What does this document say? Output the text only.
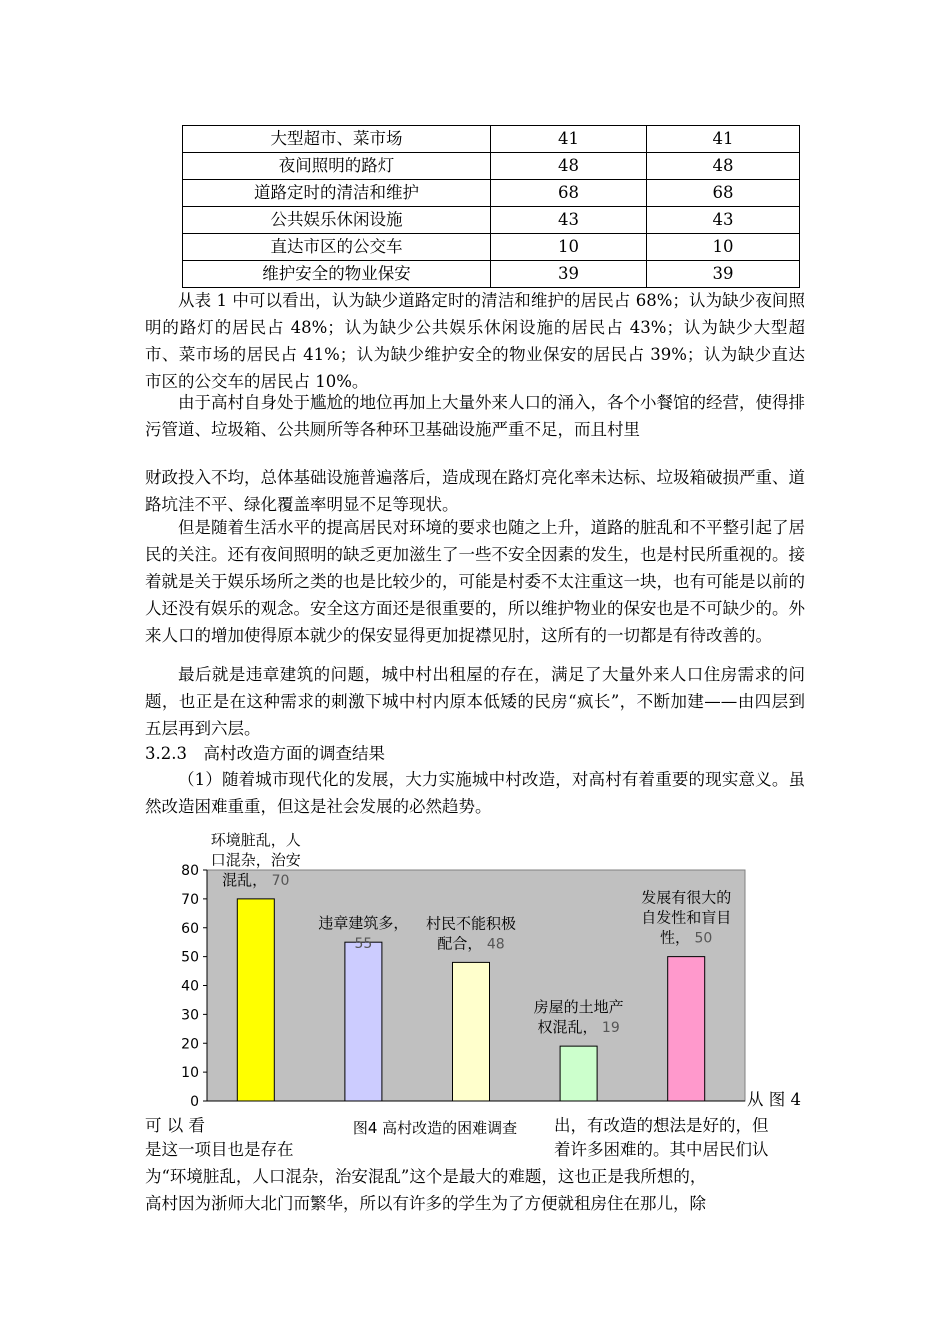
大型超市、菜市场	41	41
夜间照明的路灯	48	48
道路定时的清洁和维护	68	68
公共娱乐休闲设施	43	43
直达市区的公交车	10	10
维护安全的物业保安	39	39

从表 1 中可以看出，认为缺少道路定时的清洁和维护的居民占 68%；认为缺少夜间照明的路灯的居民占 48%；认为缺少公共娱乐休闲设施的居民占 43%；认为缺少大型超市、菜市场的居民占 41%；认为缺少维护安全的物业保安的居民占 39%；认为缺少直达市区的公交车的居民占 10%。

由于高村自身处于尴尬的地位再加上大量外来人口的涌入，各个小餐馆的经营，使得排污管道、垃圾箱、公共厕所等各种环卫基础设施严重不足，而且村里

财政投入不均，总体基础设施普遍落后，造成现在路灯亮化率未达标、垃圾箱破损严重、道路坑洼不平、绿化覆盖率明显不足等现状。

但是随着生活水平的提高居民对环境的要求也随之上升，道路的脏乱和不平整引起了居民的关注。还有夜间照明的缺乏更加滋生了一些不安全因素的发生，也是村民所重视的。接着就是关于娱乐场所之类的也是比较少的，可能是村委不太注重这一块，也有可能是以前的人还没有娱乐的观念。安全这方面还是很重要的，所以维护物业的保安也是不可缺少的。外来人口的增加使得原本就少的保安显得更加捉襟见肘，这所有的一切都是有待改善的。

最后就是违章建筑的问题，城中村出租屋的存在，满足了大量外来人口住房需求的问题，也正是在这种需求的刺激下城中村内原本低矮的民房“疯长”，不断加建——由四层到五层再到六层。

3.2.3　高村改造方面的调查结果

（1）随着城市现代化的发展，大力实施城中村改造，对高村有着重要的现实意义。虽然改造困难重重，但这是社会发展的必然趋势。

0
10
20
30
40
50
60
70
80
环境脏乱，人
口混杂，治安
混乱， 70
违章建筑多，
55
村民不能积极
配合， 48
房屋的土地产
权混乱， 19
发展有很大的
自发性和盲目
性， 50
图4 高村改造的困难调查
从 图 4
可 以 看	出，有改造的想法是好的，但
是这一项目也是存在	着许多困难的。其中居民们认
为“环境脏乱，人口混杂，治安混乱”这个是最大的难题，这也正是我所想的，
高村因为浙师大北门而繁华，所以有许多的学生为了方便就租房住在那儿，除
